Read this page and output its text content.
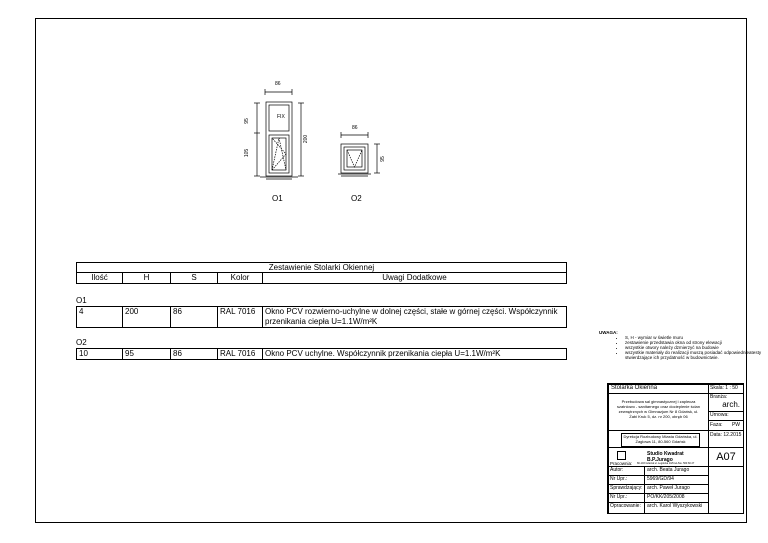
86
FIX
95
105
200
86
95
O1	O2
Zestawienie Stolarki Okiennej
Ilość	H	S	Kolor	Uwagi Dodatkowe
O1
4	200	86	RAL 7016	Okno PCV rozwierno-uchylne w dolnej części, stałe w górnej części. Współczynnik przenikania ciepła U=1.1W/m²K
O2
10	95	86	RAL 7016	Okno PCV uchylne. Współczynnik przenikania ciepła U=1.1W/m²K
UWAGA:
• S, H - wymiar w świetle muru
• zestawienie przedstawia okna od strony elewacji
• wszystkie otwory należy dzmierzyć na budowie
• wszystkie materiały do realizacji muszą posiadać odpowiednieatesty stwierdzające ich przydatność w budownictwie.
Stolarka Okienna	Skala: 1 : 50
Przebudowa sal gimnastycznej i zaplecza szatniowo - sanitarnego oraz docieplenie ścian zewnętrznych w Gimnazjum Nr 8 Gdańsk, ul. Żabi Kruk 5, dz. nr 200, obręb 06
Branża:
arch.
Urnowa:
Faza: PW
Dyrekcja Rozbudowy Miasta Gdańska, ul. Żaglowa 11, 80-560 Gdańsk
Data: 12.2015
Studio Kwadrat B.P.Jurago
Pracownia: 80-103 Gdańsk ul. Legnicka 10/6 tel./fax. 560 60 27
A07
Autor:	arch. Beata Jurago
Nr Upr.:	5969/GD/94
Sprawdzający: arch. Paweł Jurago
Nr Upr.:	PO/KK/205/2008
Opracowanie:	arch. Karol Wyszykowski
